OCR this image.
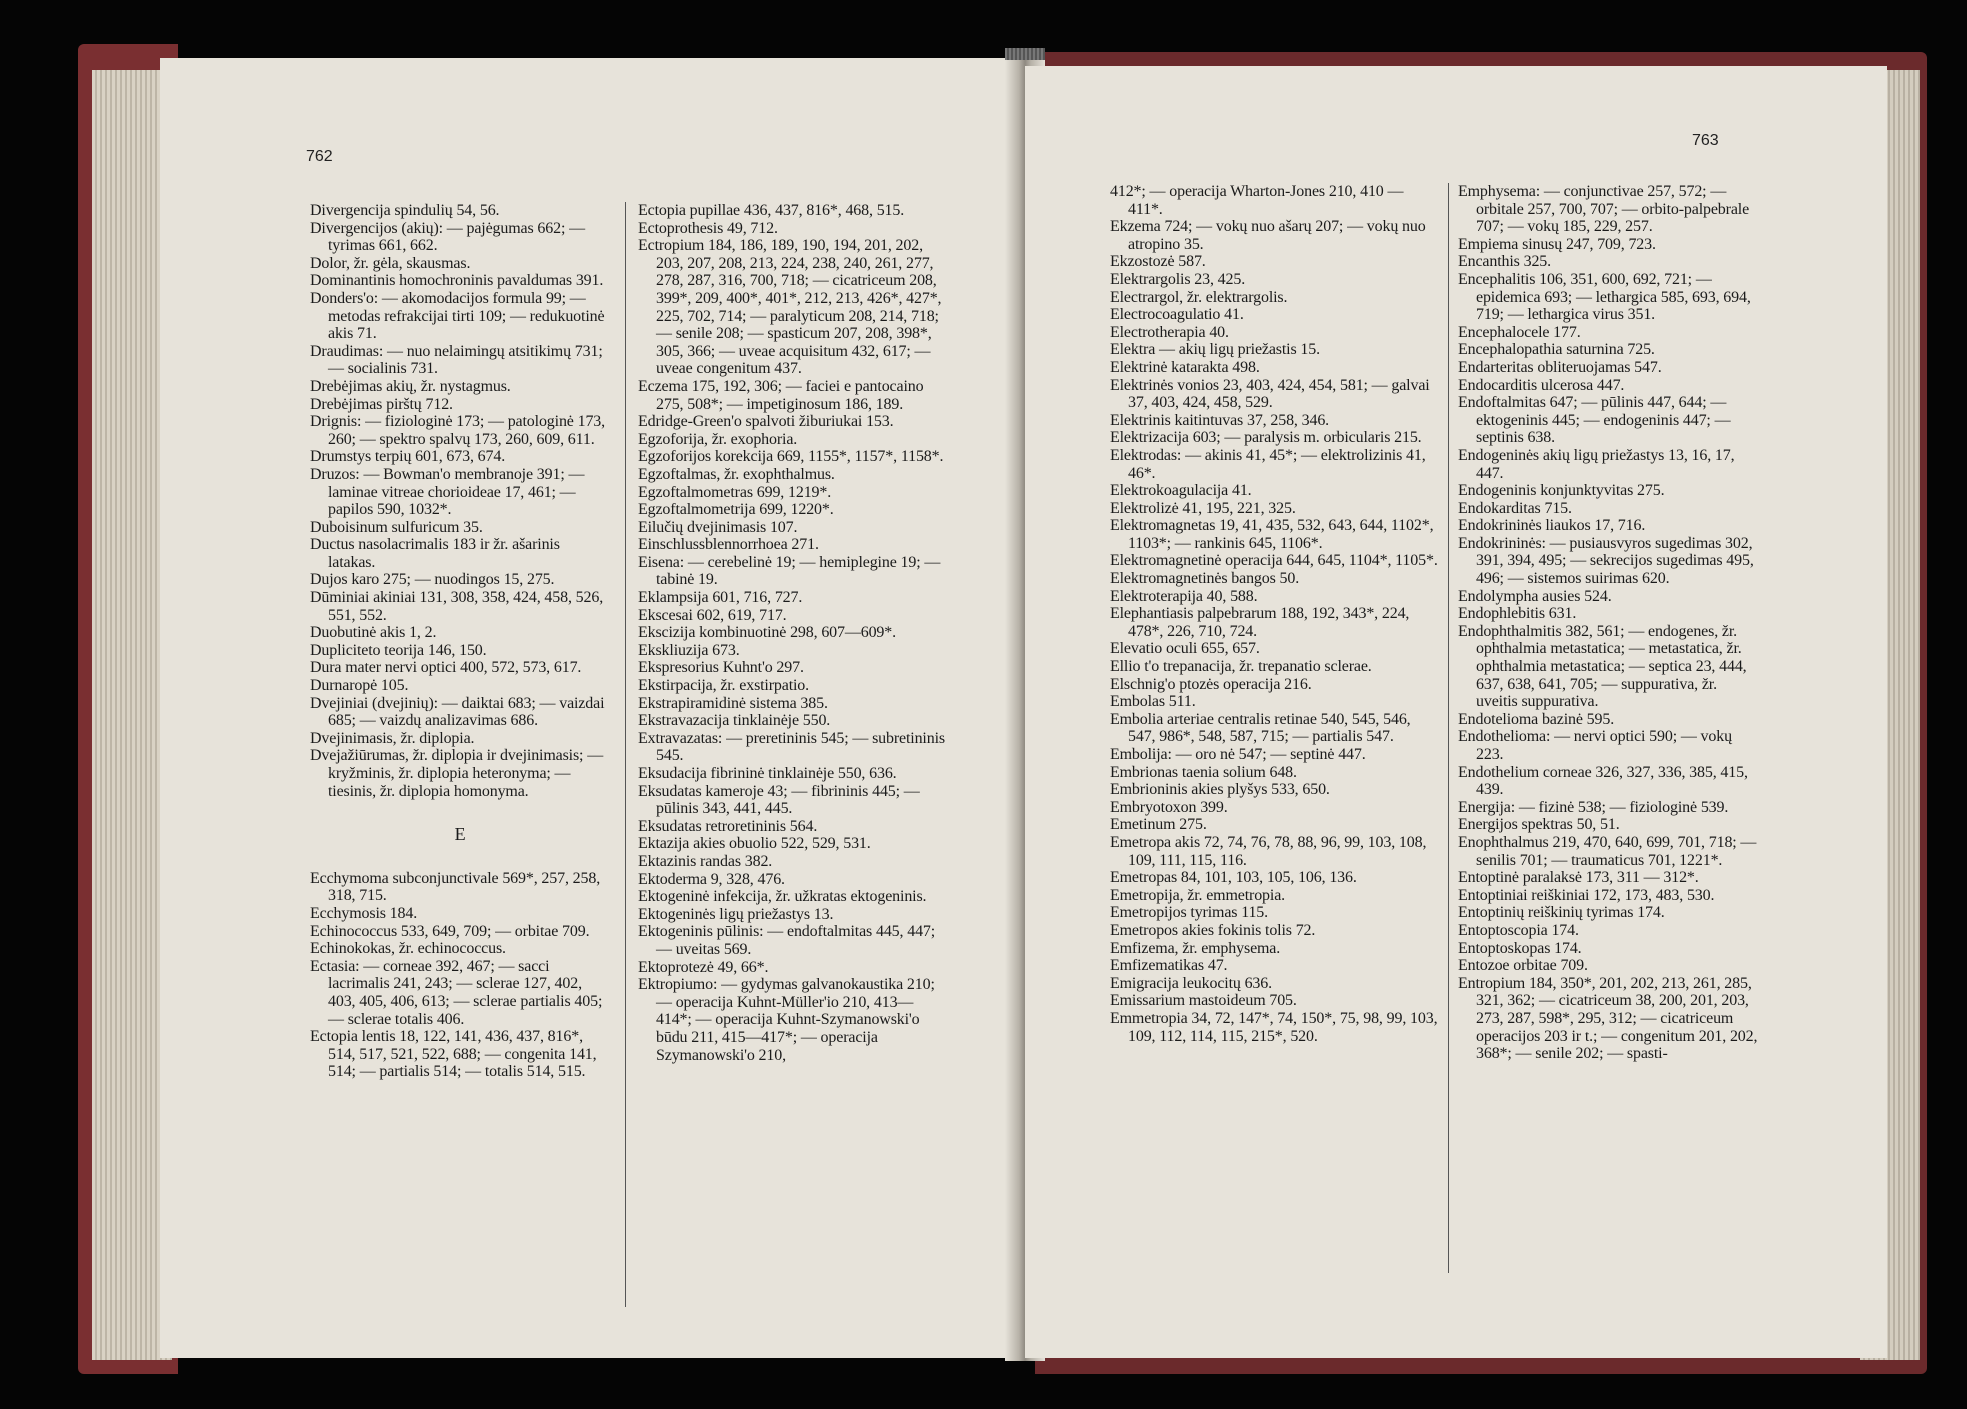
762

Divergencija spindulių 54, 56.

Divergencijos (akių): — pajėgumas 662; — tyrimas 661, 662.

Dolor, žr. gėla, skausmas.

Dominantinis homochroninis pavaldumas 391.

Donders'o: — akomodacijos formula 99; — metodas refrakcijai tirti 109; — redukuotinė akis 71.

Draudimas: — nuo nelaimingų atsitikimų 731; — socialinis 731.

Drebėjimas akių, žr. nystagmus.

Drebėjimas pirštų 712.

Drignis: — fiziologinė 173; — patologinė 173, 260; — spektro spalvų 173, 260, 609, 611.

Drumstys terpių 601, 673, 674.

Druzos: — Bowman'o membranoje 391; — laminae vitreae chorioideae 17, 461; — papilos 590, 1032*.

Duboisinum sulfuricum 35.

Ductus nasolacrimalis 183 ir žr. ašarinis latakas.

Dujos karo 275; — nuodingos 15, 275.

Dūminiai akiniai 131, 308, 358, 424, 458, 526, 551, 552.

Duobutinė akis 1, 2.

Dupliciteto teorija 146, 150.

Dura mater nervi optici 400, 572, 573, 617.

Durnaropė 105.

Dvejiniai (dvejinių): — daiktai 683; — vaizdai 685; — vaizdų analizavimas 686.

Dvejinimasis, žr. diplopia.

Dvejažiūrumas, žr. diplopia ir dvejinimasis; — kryžminis, žr. diplopia heteronyma; — tiesinis, žr. diplopia homonyma.

E

Ecchymoma subconjunctivale 569*, 257, 258, 318, 715.

Ecchymosis 184.

Echinococcus 533, 649, 709; — orbitae 709.

Echinokokas, žr. echinococcus.

Ectasia: — corneae 392, 467; — sacci lacrimalis 241, 243; — sclerae 127, 402, 403, 405, 406, 613; — sclerae partialis 405; — sclerae totalis 406.

Ectopia lentis 18, 122, 141, 436, 437, 816*, 514, 517, 521, 522, 688; — congenita 141, 514; — partialis 514; — totalis 514, 515.

Ectopia pupillae 436, 437, 816*, 468, 515.

Ectoprothesis 49, 712.

Ectropium 184, 186, 189, 190, 194, 201, 202, 203, 207, 208, 213, 224, 238, 240, 261, 277, 278, 287, 316, 700, 718; — cicatriceum 208, 399*, 209, 400*, 401*, 212, 213, 426*, 427*, 225, 702, 714; — paralyticum 208, 214, 718; — senile 208; — spasticum 207, 208, 398*, 305, 366; — uveae acquisitum 432, 617; — uveae congenitum 437.

Eczema 175, 192, 306; — faciei e pantocaino 275, 508*; — impetiginosum 186, 189.

Edridge-Green'o spalvoti žiburiukai 153.

Egzoforija, žr. exophoria.

Egzoforijos korekcija 669, 1155*, 1157*, 1158*.

Egzoftalmas, žr. exophthalmus.

Egzoftalmometras 699, 1219*.

Egzoftalmometrija 699, 1220*.

Eilučių dvejinimasis 107.

Einschlussblennorrhoea 271.

Eisena: — cerebelinė 19; — hemiplegine 19; — tabinė 19.

Eklampsija 601, 716, 727.

Ekscesai 602, 619, 717.

Ekscizija kombinuotinė 298, 607—609*.

Ekskliuzija 673.

Ekspresorius Kuhnt'o 297.

Ekstirpacija, žr. exstirpatio.

Ekstrapiramidinė sistema 385.

Ekstravazacija tinklainėje 550.

Extravazatas: — preretininis 545; — subretininis 545.

Eksudacija fibrininė tinklainėje 550, 636.

Eksudatas kameroje 43; — fibrininis 445; — pūlinis 343, 441, 445.

Eksudatas retroretininis 564.

Ektazija akies obuolio 522, 529, 531.

Ektazinis randas 382.

Ektoderma 9, 328, 476.

Ektogeninė infekcija, žr. užkratas ektogeninis.

Ektogeninės ligų priežastys 13.

Ektogeninis pūlinis: — endoftalmitas 445, 447; — uveitas 569.

Ektoprotezė 49, 66*.

Ektropiumo: — gydymas galvanokaustika 210; — operacija Kuhnt-Müller'io 210, 413—414*; — operacija Kuhnt-Szymanowski'o būdu 211, 415—417*; — operacija Szymanowski'o 210,

763

412*; — operacija Wharton-Jones 210, 410 — 411*.

Ekzema 724; — vokų nuo ašarų 207; — vokų nuo atropino 35.

Ekzostozė 587.

Elektrargolis 23, 425.

Electrargol, žr. elektrargolis.

Electrocoagulatio 41.

Electrotherapia 40.

Elektra — akių ligų priežastis 15.

Elektrinė katarakta 498.

Elektrinės vonios 23, 403, 424, 454, 581; — galvai 37, 403, 424, 458, 529.

Elektrinis kaitintuvas 37, 258, 346.

Elektrizacija 603; — paralysis m. orbicularis 215.

Elektrodas: — akinis 41, 45*; — elektrolizinis 41, 46*.

Elektrokoagulacija 41.

Elektrolizė 41, 195, 221, 325.

Elektromagnetas 19, 41, 435, 532, 643, 644, 1102*, 1103*; — rankinis 645, 1106*.

Elektromagnetinė operacija 644, 645, 1104*, 1105*.

Elektromagnetinės bangos 50.

Elektroterapija 40, 588.

Elephantiasis palpebrarum 188, 192, 343*, 224, 478*, 226, 710, 724.

Elevatio oculi 655, 657.

Ellio t'o trepanacija, žr. trepanatio sclerae.

Elschnig'o ptozės operacija 216.

Embolas 511.

Embolia arteriae centralis retinae 540, 545, 546, 547, 986*, 548, 587, 715; — partialis 547.

Embolija: — oro nė 547; — septinė 447.

Embrionas taenia solium 648.

Embrioninis akies plyšys 533, 650.

Embryotoxon 399.

Emetinum 275.

Emetropa akis 72, 74, 76, 78, 88, 96, 99, 103, 108, 109, 111, 115, 116.

Emetropas 84, 101, 103, 105, 106, 136.

Emetropija, žr. emmetropia.

Emetropijos tyrimas 115.

Emetropos akies fokinis tolis 72.

Emfizema, žr. emphysema.

Emfizematikas 47.

Emigracija leukocitų 636.

Emissarium mastoideum 705.

Emmetropia 34, 72, 147*, 74, 150*, 75, 98, 99, 103, 109, 112, 114, 115, 215*, 520.

Emphysema: — conjunctivae 257, 572; — orbitale 257, 700, 707; — orbito-palpebrale 707; — vokų 185, 229, 257.

Empiema sinusų 247, 709, 723.

Encanthis 325.

Encephalitis 106, 351, 600, 692, 721; — epidemica 693; — lethargica 585, 693, 694, 719; — lethargica virus 351.

Encephalocele 177.

Encephalopathia saturnina 725.

Endarteritas obliteruojamas 547.

Endocarditis ulcerosa 447.

Endoftalmitas 647; — pūlinis 447, 644; — ektogeninis 445; — endogeninis 447; — septinis 638.

Endogeninės akių ligų priežastys 13, 16, 17, 447.

Endogeninis konjunktyvitas 275.

Endokarditas 715.

Endokrininės liaukos 17, 716.

Endokrininės: — pusiausvyros sugedimas 302, 391, 394, 495; — sekrecijos sugedimas 495, 496; — sistemos suirimas 620.

Endolympha ausies 524.

Endophlebitis 631.

Endophthalmitis 382, 561; — endogenes, žr. ophthalmia metastatica; — metastatica, žr. ophthalmia metastatica; — septica 23, 444, 637, 638, 641, 705; — suppurativa, žr. uveitis suppurativa.

Endotelioma bazinė 595.

Endothelioma: — nervi optici 590; — vokų 223.

Endothelium corneae 326, 327, 336, 385, 415, 439.

Energija: — fizinė 538; — fiziologinė 539.

Energijos spektras 50, 51.

Enophthalmus 219, 470, 640, 699, 701, 718; — senilis 701; — traumaticus 701, 1221*.

Entoptinė paralaksė 173, 311 — 312*.

Entoptiniai reiškiniai 172, 173, 483, 530.

Entoptinių reiškinių tyrimas 174.

Entoptoscopia 174.

Entoptoskopas 174.

Entozoe orbitae 709.

Entropium 184, 350*, 201, 202, 213, 261, 285, 321, 362; — cicatriceum 38, 200, 201, 203, 273, 287, 598*, 295, 312; — cicatriceum operacijos 203 ir t.; — congenitum 201, 202, 368*; — senile 202; — spasti-
